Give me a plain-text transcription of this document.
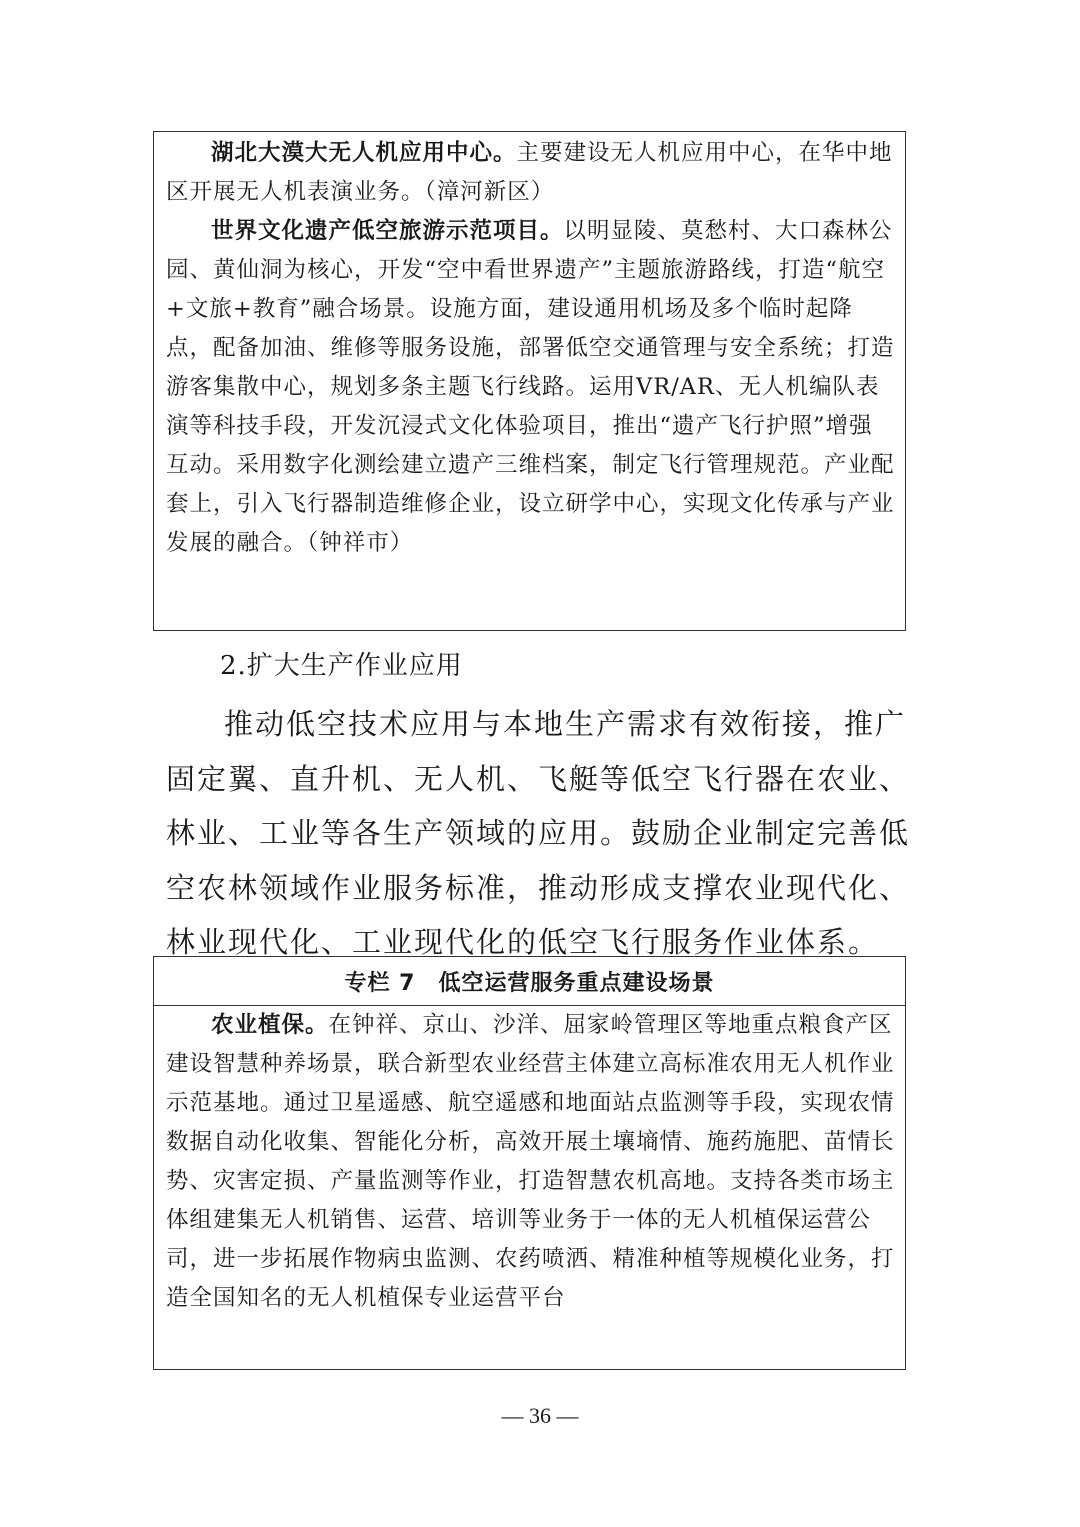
湖北大漠大无人机应用中心。主要建设无人机应用中心，在华中地区开展无人机表演业务。（漳河新区）

世界文化遗产低空旅游示范项目。以明显陵、莫愁村、大口森林公园、黄仙洞为核心，开发“空中看世界遗产”主题旅游路线，打造“航空+文旅+教育”融合场景。设施方面，建设通用机场及多个临时起降点，配备加油、维修等服务设施，部署低空交通管理与安全系统；打造游客集散中心，规划多条主题飞行线路。运用VR/AR、无人机编队表演等科技手段，开发沉浸式文化体验项目，推出“遗产飞行护照”增强互动。采用数字化测绘建立遗产三维档案，制定飞行管理规范。产业配套上，引入飞行器制造维修企业，设立研学中心，实现文化传承与产业发展的融合。（钟祥市）

2.扩大生产作业应用

推动低空技术应用与本地生产需求有效衔接，推广固定翼、直升机、无人机、飞艇等低空飞行器在农业、林业、工业等各生产领域的应用。鼓励企业制定完善低空农林领域作业服务标准，推动形成支撑农业现代化、林业现代化、工业现代化的低空飞行服务作业体系。

专栏 7　低空运营服务重点建设场景

农业植保。在钟祥、京山、沙洋、屈家岭管理区等地重点粮食产区建设智慧种养场景，联合新型农业经营主体建立高标准农用无人机作业示范基地。通过卫星遥感、航空遥感和地面站点监测等手段，实现农情数据自动化收集、智能化分析，高效开展土壤墒情、施药施肥、苗情长势、灾害定损、产量监测等作业，打造智慧农机高地。支持各类市场主体组建集无人机销售、运营、培训等业务于一体的无人机植保运营公司，进一步拓展作物病虫监测、农药喷洒、精准种植等规模化业务，打造全国知名的无人机植保专业运营平台

— 36 —
